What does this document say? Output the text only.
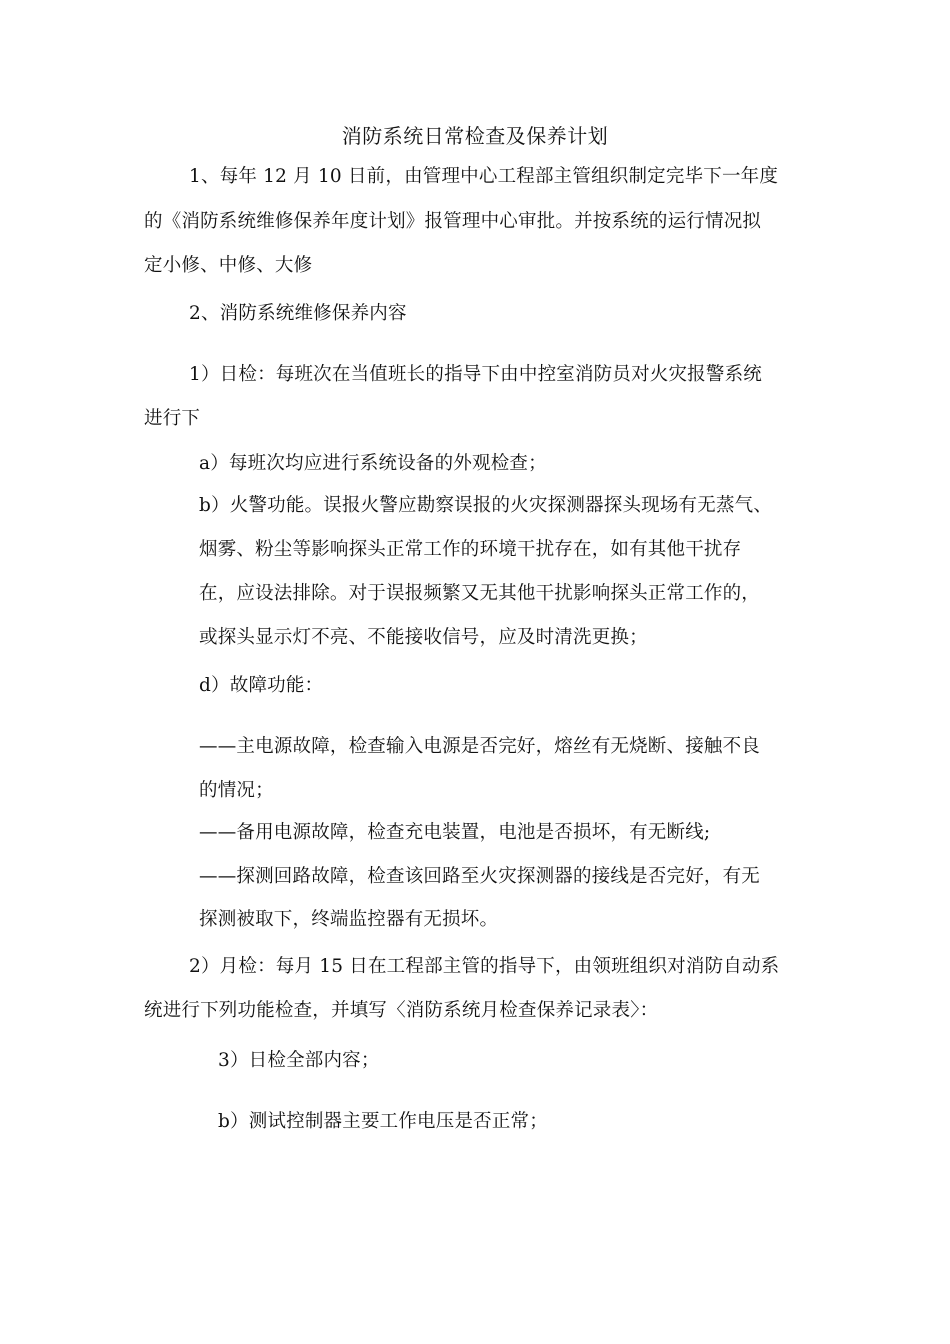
消防系统日常检查及保养计划
1、每年 12 月 10 日前，由管理中心工程部主管组织制定完毕下一年度
的《消防系统维修保养年度计划》报管理中心审批。并按系统的运行情况拟
定小修、中修、大修
2、消防系统维修保养内容
1）日检：每班次在当值班长的指导下由中控室消防员对火灾报警系统
进行下
a）每班次均应进行系统设备的外观检查；
b）火警功能。误报火警应勘察误报的火灾探测器探头现场有无蒸气、
烟雾、粉尘等影响探头正常工作的环境干扰存在，如有其他干扰存
在，应设法排除。对于误报频繁又无其他干扰影响探头正常工作的，
或探头显示灯不亮、不能接收信号，应及时清洗更换；
d）故障功能：
——主电源故障，检查输入电源是否完好，熔丝有无烧断、接触不良
的情况；
——备用电源故障，检查充电装置，电池是否损坏，有无断线;
——探测回路故障，检查该回路至火灾探测器的接线是否完好，有无
探测被取下，终端监控器有无损坏。
2）月检：每月 15 日在工程部主管的指导下，由领班组织对消防自动系
统进行下列功能检查，并填写〈消防系统月检查保养记录表〉：
3）日检全部内容；
b）测试控制器主要工作电压是否正常；
